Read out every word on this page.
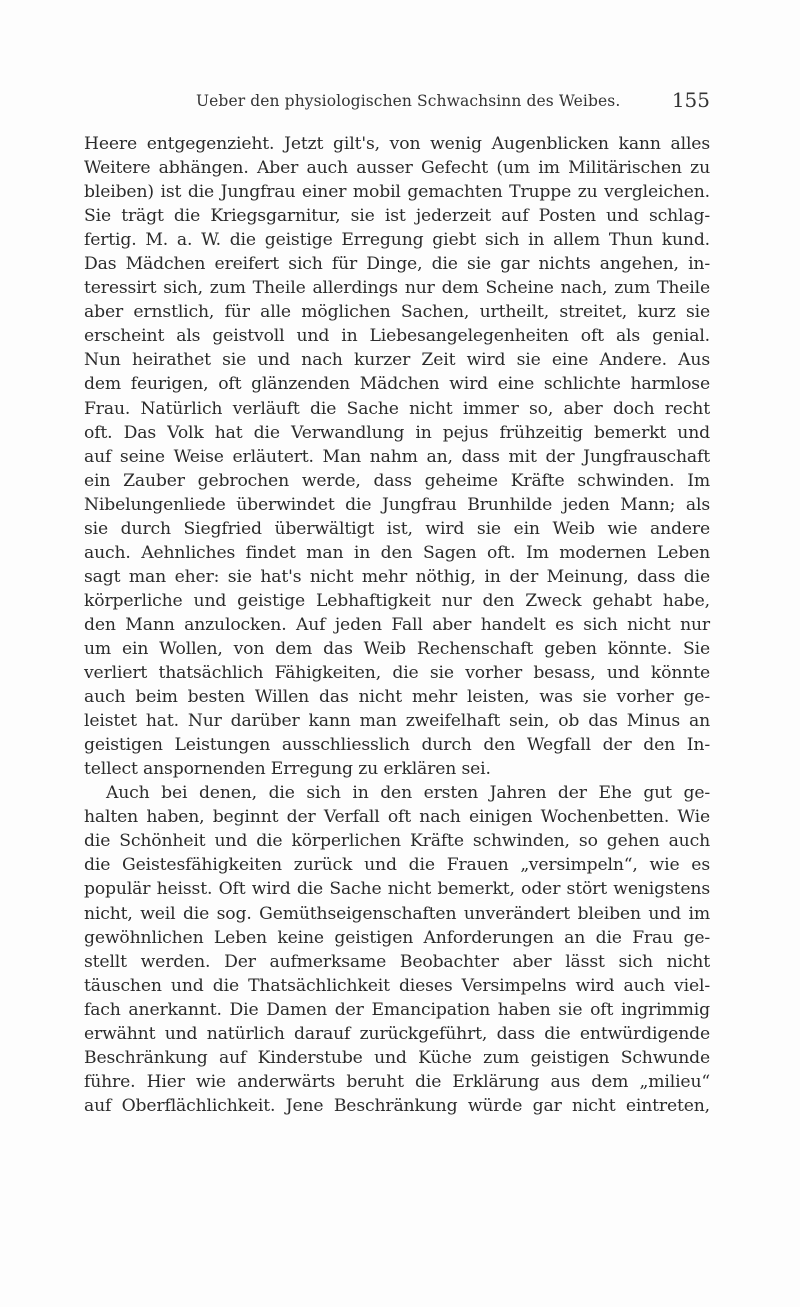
Ueber den physiologischen Schwachsinn des Weibes.	155
Heere entgegenzieht. Jetzt gilt's, von wenig Augenblicken kann alles
Weitere abhängen. Aber auch ausser Gefecht (um im Militärischen zu
bleiben) ist die Jungfrau einer mobil gemachten Truppe zu vergleichen.
Sie trägt die Kriegsgarnitur, sie ist jederzeit auf Posten und schlag-
fertig. M. a. W. die geistige Erregung giebt sich in allem Thun kund.
Das Mädchen ereifert sich für Dinge, die sie gar nichts angehen, in-
teressirt sich, zum Theile allerdings nur dem Scheine nach, zum Theile
aber ernstlich, für alle möglichen Sachen, urtheilt, streitet, kurz sie
erscheint als geistvoll und in Liebesangelegenheiten oft als genial.
Nun heirathet sie und nach kurzer Zeit wird sie eine Andere. Aus
dem feurigen, oft glänzenden Mädchen wird eine schlichte harmlose
Frau. Natürlich verläuft die Sache nicht immer so, aber doch recht
oft. Das Volk hat die Verwandlung in pejus frühzeitig bemerkt und
auf seine Weise erläutert. Man nahm an, dass mit der Jungfrauschaft
ein Zauber gebrochen werde, dass geheime Kräfte schwinden. Im
Nibelungenliede überwindet die Jungfrau Brunhilde jeden Mann; als
sie durch Siegfried überwältigt ist, wird sie ein Weib wie andere
auch. Aehnliches findet man in den Sagen oft. Im modernen Leben
sagt man eher: sie hat's nicht mehr nöthig, in der Meinung, dass die
körperliche und geistige Lebhaftigkeit nur den Zweck gehabt habe,
den Mann anzulocken. Auf jeden Fall aber handelt es sich nicht nur
um ein Wollen, von dem das Weib Rechenschaft geben könnte. Sie
verliert thatsächlich Fähigkeiten, die sie vorher besass, und könnte
auch beim besten Willen das nicht mehr leisten, was sie vorher ge-
leistet hat. Nur darüber kann man zweifelhaft sein, ob das Minus an
geistigen Leistungen ausschliesslich durch den Wegfall der den In-
tellect anspornenden Erregung zu erklären sei.
Auch bei denen, die sich in den ersten Jahren der Ehe gut ge-
halten haben, beginnt der Verfall oft nach einigen Wochenbetten. Wie
die Schönheit und die körperlichen Kräfte schwinden, so gehen auch
die Geistesfähigkeiten zurück und die Frauen „versimpeln“, wie es
populär heisst. Oft wird die Sache nicht bemerkt, oder stört wenigstens
nicht, weil die sog. Gemüthseigenschaften unverändert bleiben und im
gewöhnlichen Leben keine geistigen Anforderungen an die Frau ge-
stellt werden. Der aufmerksame Beobachter aber lässt sich nicht
täuschen und die Thatsächlichkeit dieses Versimpelns wird auch viel-
fach anerkannt. Die Damen der Emancipation haben sie oft ingrimmig
erwähnt und natürlich darauf zurückgeführt, dass die entwürdigende
Beschränkung auf Kinderstube und Küche zum geistigen Schwunde
führe. Hier wie anderwärts beruht die Erklärung aus dem „milieu“
auf Oberflächlichkeit. Jene Beschränkung würde gar nicht eintreten,
